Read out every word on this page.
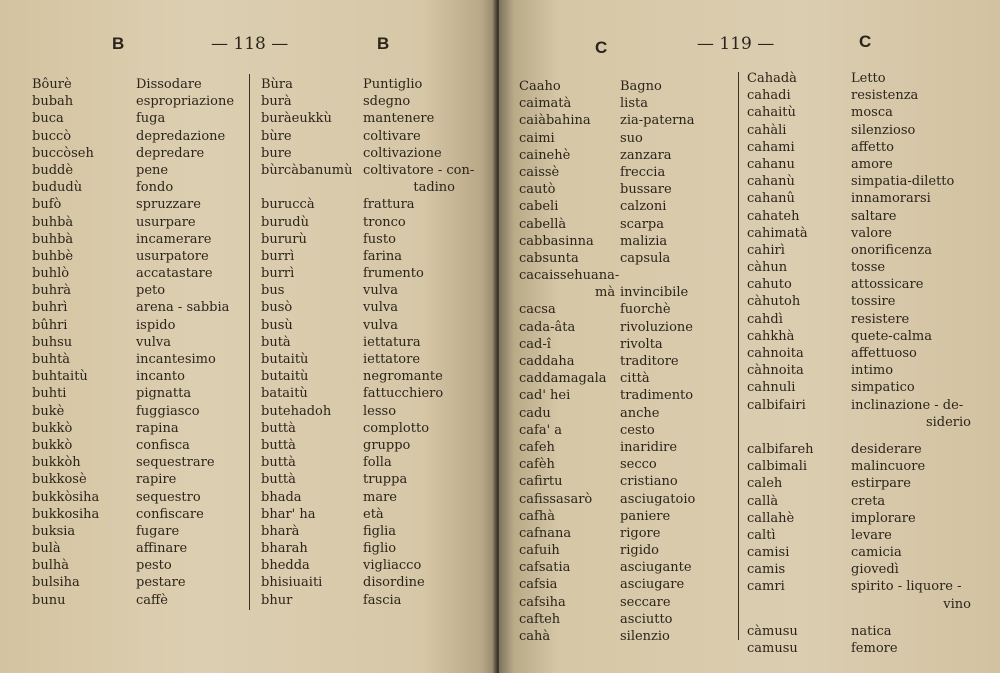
B	— 118 —	B
Bôurè	Dissodare
bubah	espropriazione
buca	fuga
buccò	depredazione
buccòseh	depredare
buddè	pene
bududù	fondo
bufò	spruzzare
buhbà	usurpare
buhbà	incamerare
buhbè	usurpatore
buhlò	accatastare
buhrà	peto
buhrì	arena - sabbia
bûhri	ispido
buhsu	vulva
buhtà	incantesimo
buhtaitù	incanto
buhti	pignatta
bukè	fuggiasco
bukkò	rapina
bukkò	confisca
bukkòh	sequestrare
bukkosè	rapire
bukkòsiha	sequestro
bukkosiha	confiscare
buksia	fugare
bulà	affinare
bulhà	pesto
bulsiha	pestare
bunu	caffè
Bùra	Puntiglio
burà	sdegno
buràeukkù mantenere
bùre	coltivare
bure	coltivazione
bùrcàbanumù coltivatore - con-
tadino
buruccà	frattura
burudù	tronco
bururù	fusto
burrì	farina
burrì	frumento
bus	vulva
busò	vulva
busù	vulva
butà	iettatura
butaitù	iettatore
butaitù	negromante
bataitù	fattucchiero
butehadoh lesso
buttà	complotto
buttà	gruppo
buttà	folla
buttà	truppa
bhada	mare
bhar' ha	età
bharà	figlia
bharah	figlio
bhedda	vigliacco
bhisiuaiti	disordine
bhur	fascia
C	— 119 —	C
Caaho	Bagno
caimatà	lista
caiàbahina zia-paterna
caimi	suo
cainehè	zanzara
caissè	freccia
cautò	bussare
cabeli	calzoni
cabellà	scarpa
cabbasinna malizia
cabsunta	capsula
cacaissehuana-
mà invincibile
cacsa	fuorchè
cada-âta	rivoluzione
cad-î	rivolta
caddaha	traditore
caddamagala città
cad' hei	tradimento
cadu	anche
cafa' a	cesto
cafeh	inaridire
cafèh	secco
cafirtu	cristiano
cafissasarò asciugatoio
cafhà	paniere
cafnana	rigore
cafuih	rigido
cafsatia	asciugante
cafsia	asciugare
cafsiha	seccare
cafteh	asciutto
cahà	silenzio
Cahadà	Letto
cahadi	resistenza
cahaitù	mosca
cahàli	silenzioso
cahami	affetto
cahanu	amore
cahanù	simpatia-diletto
cahanû	innamorarsi
cahateh	saltare
cahimatà	valore
cahirì	onorificenza
càhun	tosse
cahuto	attossicare
càhutoh	tossire
cahdì	resistere
cahkhà	quete-calma
cahnoita	affettuoso
càhnoita	intimo
cahnuli	simpatico
calbifairi	inclinazione - de-
siderio
calbifareh	desiderare
calbimali	malincuore
caleh	estirpare
callà	creta
callahè	implorare
caltì	levare
camisi	camicia
camis	giovedì
camri	spirito - liquore -
vino
càmusu	natica
camusu	femore
